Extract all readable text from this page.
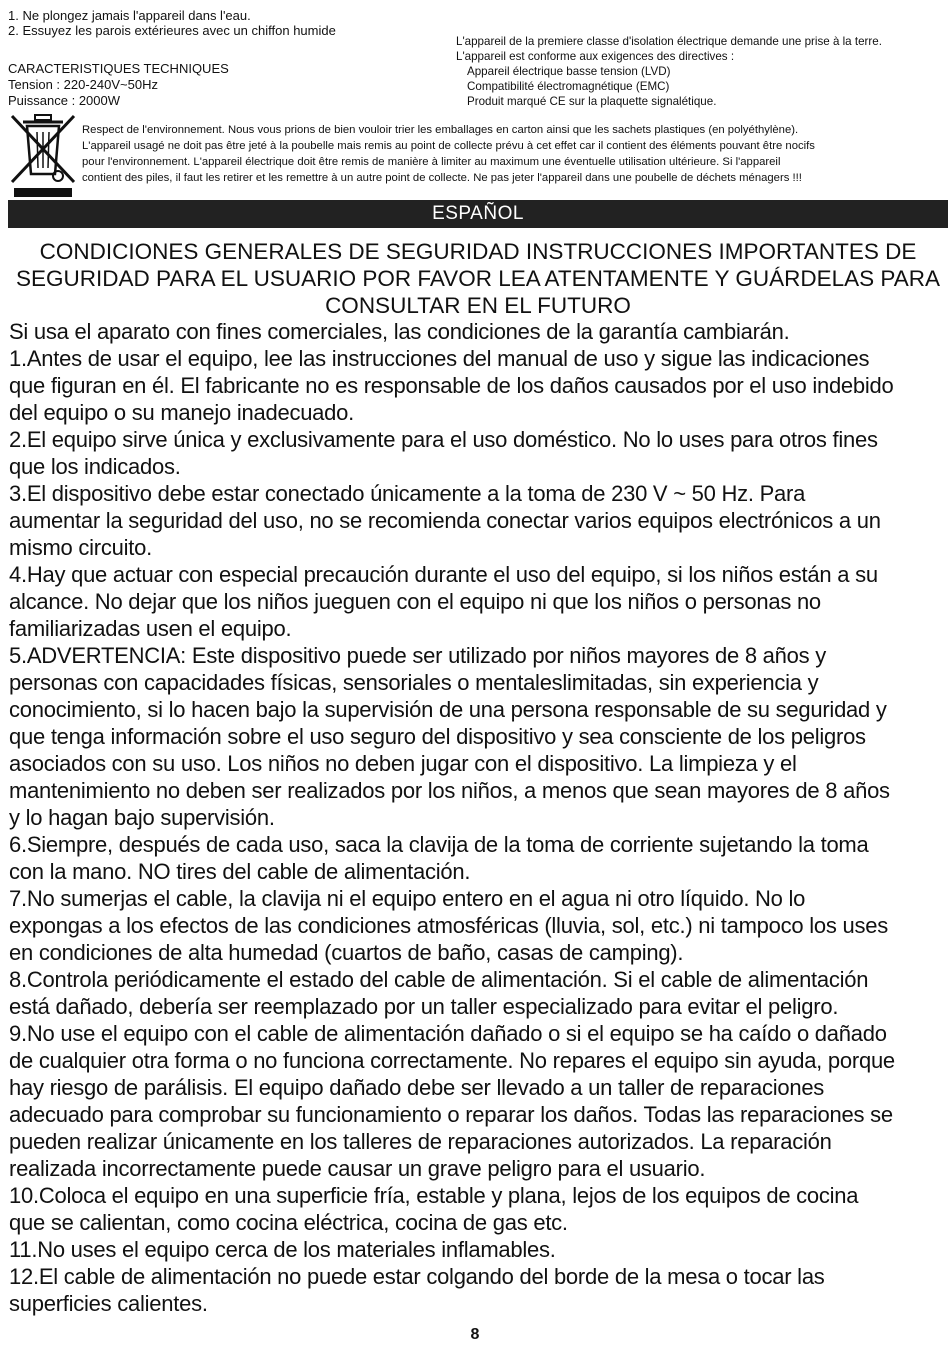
1. Ne plongez jamais l'appareil dans l'eau.
2. Essuyez les parois extérieures avec un chiffon humide
CARACTERISTIQUES TECHNIQUES
Tension : 220-240V~50Hz
Puissance : 2000W
L'appareil de la premiere classe d'isolation électrique demande une prise à la terre.
L'appareil est conforme aux exigences des directives :
Appareil électrique basse tension (LVD)
Compatibilité électromagnétique (EMC)
Produit marqué CE sur la plaquette signalétique.
Respect de l'environnement. Nous vous prions de bien vouloir trier les emballages en carton ainsi que les sachets plastiques (en polyéthylène).
L'appareil usagé ne doit pas être jeté à la poubelle mais remis au point de collecte prévu à cet effet car il contient des éléments pouvant être nocifs
pour l'environnement. L'appareil électrique doit être remis de manière à limiter au maximum une éventuelle utilisation ultérieure. Si l'appareil
contient des piles, il faut les retirer et les remettre à un autre point de collecte. Ne pas jeter l'appareil dans une poubelle de déchets ménagers !!!
ESPAÑOL
CONDICIONES GENERALES DE SEGURIDAD INSTRUCCIONES IMPORTANTES DE
SEGURIDAD PARA EL USUARIO POR FAVOR LEA ATENTAMENTE Y GUÁRDELAS PARA
CONSULTAR EN EL FUTURO

Si usa el aparato con fines comerciales, las condiciones de la garantía cambiarán.

1.Antes de usar el equipo, lee las instrucciones del manual de uso y sigue las indicaciones

que figuran en él. El fabricante no es responsable de los daños causados por el uso indebido

del equipo o su manejo inadecuado.

2.El equipo sirve única y exclusivamente para el uso doméstico. No lo uses para otros fines

que los indicados.

3.El dispositivo debe estar conectado únicamente a la toma de 230 V ~ 50 Hz. Para

aumentar la seguridad del uso, no se recomienda conectar varios equipos electrónicos a un

mismo circuito.

4.Hay que actuar con especial precaución durante el uso del equipo, si los niños están a su

alcance. No dejar que los niños jueguen con el equipo ni que los niños o personas no

familiarizadas usen el equipo.

5.ADVERTENCIA: Este dispositivo puede ser utilizado por niños mayores de 8 años y

personas con capacidades físicas, sensoriales o mentaleslimitadas, sin experiencia y

conocimiento, si lo hacen bajo la supervisión de una persona responsable de su seguridad y

que tenga información sobre el uso seguro del dispositivo y sea consciente de los peligros

asociados con su uso. Los niños no deben jugar con el dispositivo. La limpieza y el

mantenimiento no deben ser realizados por los niños, a menos que sean mayores de 8 años

y lo hagan bajo supervisión.

6.Siempre, después de cada uso, saca la clavija de la toma de corriente sujetando la toma

con la mano. NO tires del cable de alimentación.

7.No sumerjas el cable, la clavija ni el equipo entero en el agua ni otro líquido. No lo

expongas a los efectos de las condiciones atmosféricas (lluvia, sol, etc.) ni tampoco los uses

en condiciones de alta humedad (cuartos de baño, casas de camping).

8.Controla periódicamente el estado del cable de alimentación. Si el cable de alimentación

está dañado, debería ser reemplazado por un taller especializado para evitar el peligro.

9.No use el equipo con el cable de alimentación dañado o si el equipo se ha caído o dañado

de cualquier otra forma o no funciona correctamente. No repares el equipo sin ayuda, porque

hay riesgo de parálisis. El equipo dañado debe ser llevado a un taller de reparaciones

adecuado para comprobar su funcionamiento o reparar los daños. Todas las reparaciones se

pueden realizar únicamente en los talleres de reparaciones autorizados. La reparación

realizada incorrectamente puede causar un grave peligro para el usuario.

10.Coloca el equipo en una superficie fría, estable y plana, lejos de los equipos de cocina

que se calientan, como cocina eléctrica, cocina de gas etc.

11.No uses el equipo cerca de los materiales inflamables.

12.El cable de alimentación no puede estar colgando del borde de la mesa o tocar las

superficies calientes.

8
